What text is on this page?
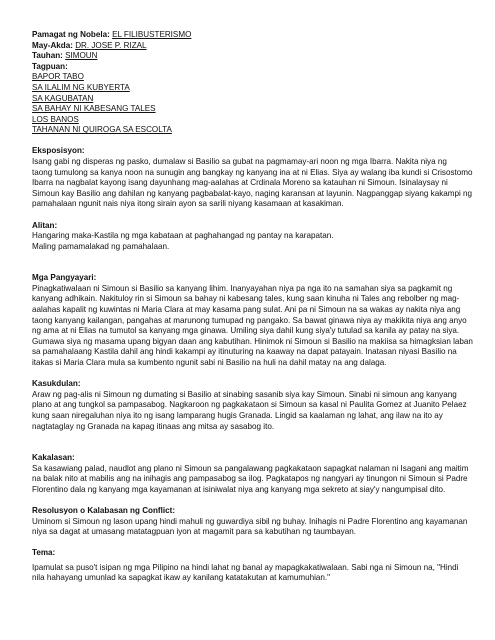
Pamagat ng Nobela: EL FILIBUSTERISMO
May-Akda: DR. JOSE P. RIZAL
Tauhan: SIMOUN
Tagpuan:
BAPOR TABO
SA ILALIM NG KUBYERTA
SA KAGUBATAN
SA BAHAY NI KABESANG TALES
LOS BANOS
TAHANAN NI QUIROGA SA ESCOLTA
Eksposisyon:
Isang gabi ng disperas ng pasko, dumalaw si Basilio sa gubat na pagmamay-ari noon ng mga Ibarra. Nakita niya ng
taong tumulong sa kanya noon na sunugin ang bangkay ng kanyang ina at ni Elias. Siya ay walang iba kundi si Crisostomo
Ibarra na nagbalat kayong isang dayunhang mag-aalahas at Crdinala Moreno sa katauhan ni Simoun. Isinalaysay ni
Simoun kay Basilio ang dahilan ng kanyang pagbabalat-kayo, naging karansan at layunin. Nagpanggap siyang kakampi ng
pamahalaan ngunit nais niya itong sirain ayon sa sarili niyang kasamaan at kasakiman.
Alitan:
Hangaring maka-Kastila ng mga kabataan at paghahangad ng pantay na karapatan.
Maling pamamalakad ng pamahalaan.
Mga Pangyayari:
Pinagkatiwalaan ni Simoun si Basilio sa kanyang lihim. Inanyayahan niya pa nga ito na samahan siya sa pagkamit ng
kanyang adhikain. Nakituloy rin si Simoun sa bahay ni kabesang tales, kung saan kinuha ni Tales ang rebolber ng mag-
aalahas kapalit ng kuwintas ni Maria Clara at may kasama pang sulat. Ani pa ni Simoun na sa wakas ay nakita niya ang
taong kanyang kailangan, pangahas at marunong tumupad ng pangako. Sa bawat ginawa niya ay makikita niya ang anyo
ng ama at ni Elias na tumutol sa kanyang mga ginawa. Umiling siya dahil kung siya'y tutulad sa kanila ay patay na siya.
Gumawa siya ng masama upang bigyan daan ang kabutihan. Hinimok ni Simoun si Basilio na makiisa sa himagksian laban
sa pamahalaang Kastila dahil ang hindi kakampi ay itinuturing na kaaway na dapat patayain. Inatasan niyasi Basilio na
itakas si Maria Clara mula sa kumbento ngunit sabi ni Basilio na huli na dahil matay na ang dalaga.
Kasukdulan:
Araw ng pag-alis ni Simoun ng dumating si Basilio at sinabing sasanib siya kay Simoun. Sinabi ni simoun ang kanyang
plano at ang tungkol sa pampasabog. Nagkaroon ng pagkakataon si Simoun sa kasal ni Paulita Gomez at Juanito Pelaez
kung saan niregaluhan niya ito ng isang lamparang hugis Granada. Lingid sa kaalaman ng lahat, ang ilaw na ito ay
nagtataglay ng Granada na kapag itinaas ang mitsa ay sasabog ito.
Kakalasan:
Sa kasawiang palad, naudlot ang plano ni Simoun sa pangalawang pagkakataon sapagkat nalaman ni Isagani ang maitim
na balak nito at mabilis ang na inihagis ang pampasabog sa ilog. Pagkatapos ng nangyari ay tinungon ni Simoun si Padre
Florentino dala ng kanyang mga kayamanan at isiniwalat niya ang kanyang mga sekreto at siay'y nangumpisal dito.
Resolusyon o Kalabasan ng Conflict:
Uminom si Simoun ng lason upang hindi mahuli ng guwardiya sibil ng buhay. Inihagis ni Padre Florentino ang kayamanan
niya sa dagat at umasang matatagpuan iyon at magamit para sa kabutihan ng taumbayan.
Tema:
Ipamulat sa puso't isipan ng mga Pilipino na hindi lahat ng banal ay mapagkakatiwalaan. Sabi nga ni Simoun na, "Hindi
nila hahayang umunlad ka sapagkat ikaw ay kanilang katatakutan at kamumuhian."
